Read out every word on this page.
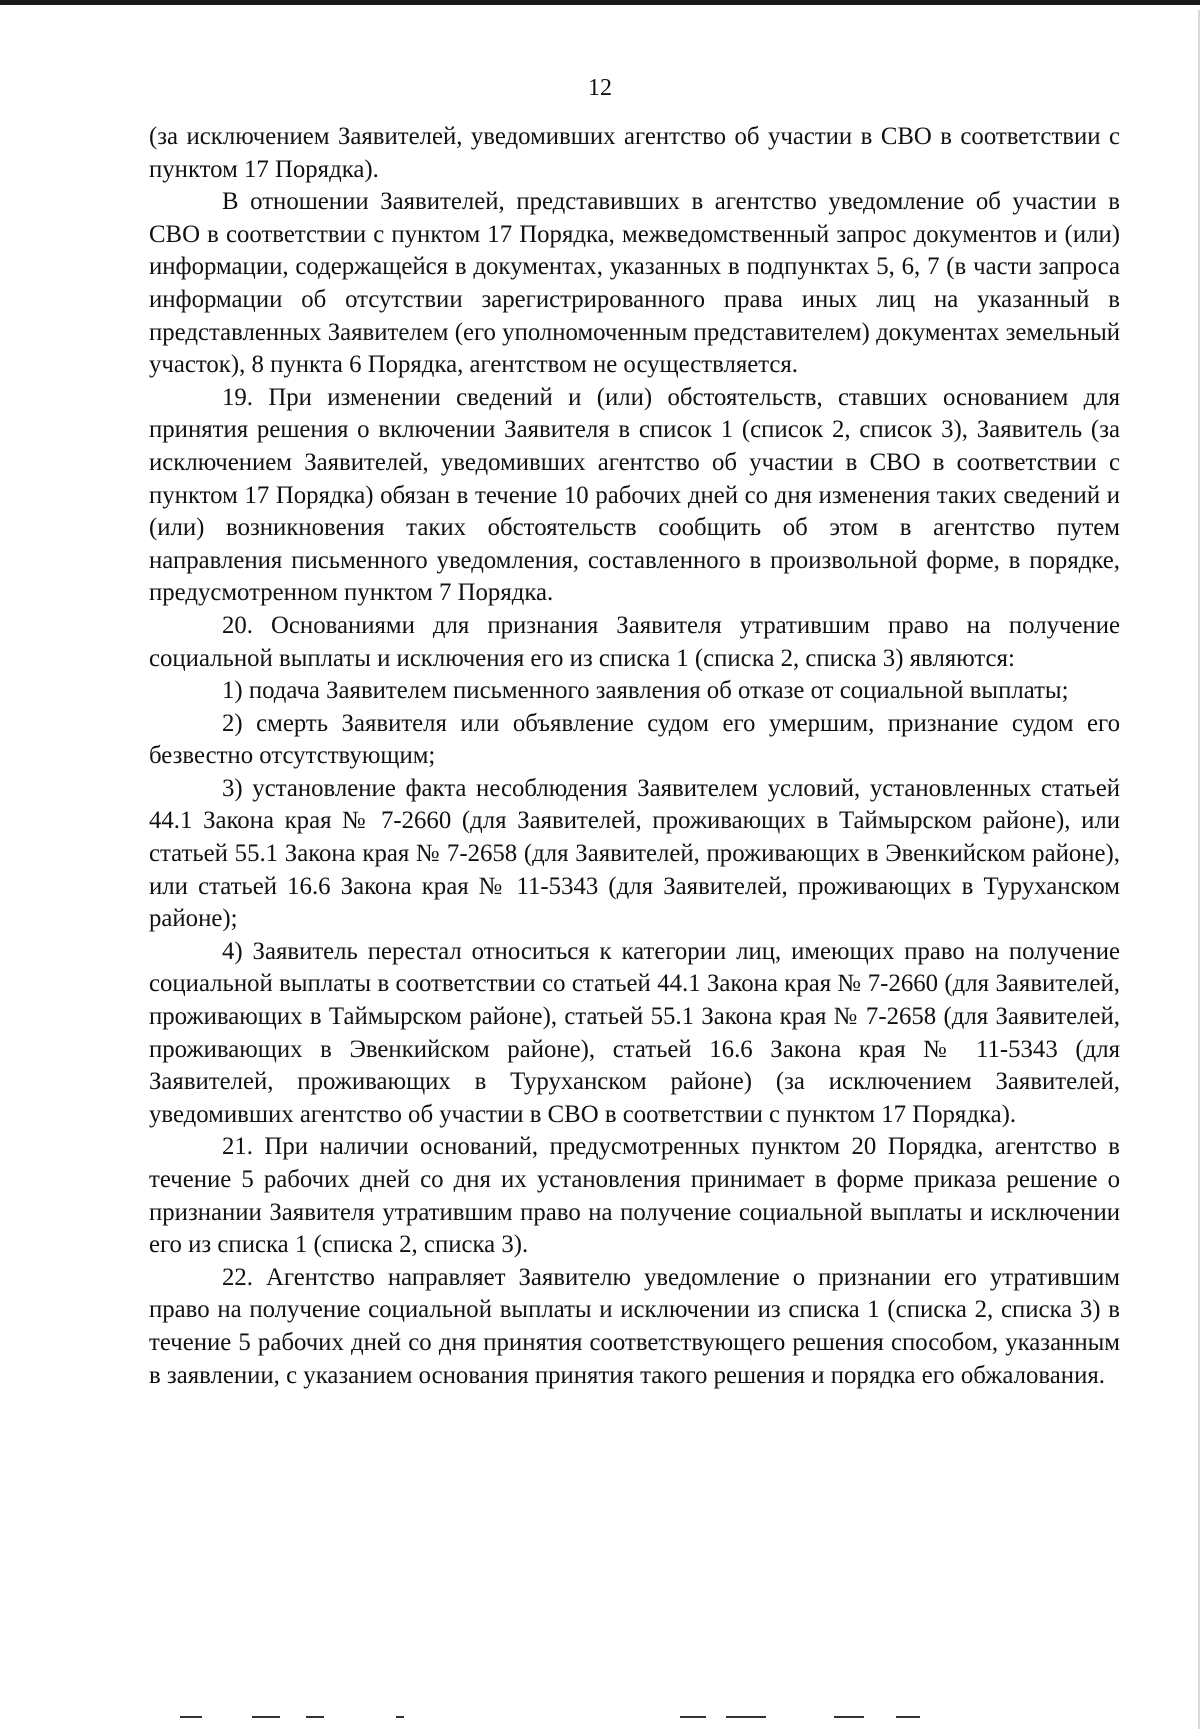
12

(за исключением Заявителей, уведомивших агентство об участии в СВО в соответствии с пунктом 17 Порядка).

В отношении Заявителей, представивших в агентство уведомление об участии в СВО в соответствии с пунктом 17 Порядка, межведомственный запрос документов и (или) информации, содержащейся в документах, указанных в подпунктах 5, 6, 7 (в части запроса информации об отсутствии зарегистрированного права иных лиц на указанный в представленных Заявителем (его уполномоченным представителем) документах земельный участок), 8 пункта 6 Порядка, агентством не осуществляется.

19. При изменении сведений и (или) обстоятельств, ставших основанием для принятия решения о включении Заявителя в список 1 (список 2, список 3), Заявитель (за исключением Заявителей, уведомивших агентство об участии в СВО в соответствии с пунктом 17 Порядка) обязан в течение 10 рабочих дней со дня изменения таких сведений и (или) возникновения таких обстоятельств сообщить об этом в агентство путем направления письменного уведомления, составленного в произвольной форме, в порядке, предусмотренном пунктом 7 Порядка.

20. Основаниями для признания Заявителя утратившим право на получение социальной выплаты и исключения его из списка 1 (списка 2, списка 3) являются:

1) подача Заявителем письменного заявления об отказе от социальной выплаты;

2) смерть Заявителя или объявление судом его умершим, признание судом его безвестно отсутствующим;

3) установление факта несоблюдения Заявителем условий, установленных статьей 44.1 Закона края № 7-2660 (для Заявителей, проживающих в Таймырском районе), или статьей 55.1 Закона края № 7-2658 (для Заявителей, проживающих в Эвенкийском районе), или статьей 16.6 Закона края № 11-5343 (для Заявителей, проживающих в Туруханском районе);

4) Заявитель перестал относиться к категории лиц, имеющих право на получение социальной выплаты в соответствии со статьей 44.1 Закона края № 7-2660 (для Заявителей, проживающих в Таймырском районе), статьей 55.1 Закона края № 7-2658 (для Заявителей, проживающих в Эвенкийском районе), статьей 16.6 Закона края № 11-5343 (для Заявителей, проживающих в Туруханском районе) (за исключением Заявителей, уведомивших агентство об участии в СВО в соответствии с пунктом 17 Порядка).

21. При наличии оснований, предусмотренных пунктом 20 Порядка, агентство в течение 5 рабочих дней со дня их установления принимает в форме приказа решение о признании Заявителя утратившим право на получение социальной выплаты и исключении его из списка 1 (списка 2, списка 3).

22. Агентство направляет Заявителю уведомление о признании его утратившим право на получение социальной выплаты и исключении из списка 1 (списка 2, списка 3) в течение 5 рабочих дней со дня принятия соответствующего решения способом, указанным в заявлении, с указанием основания принятия такого решения и порядка его обжалования.
